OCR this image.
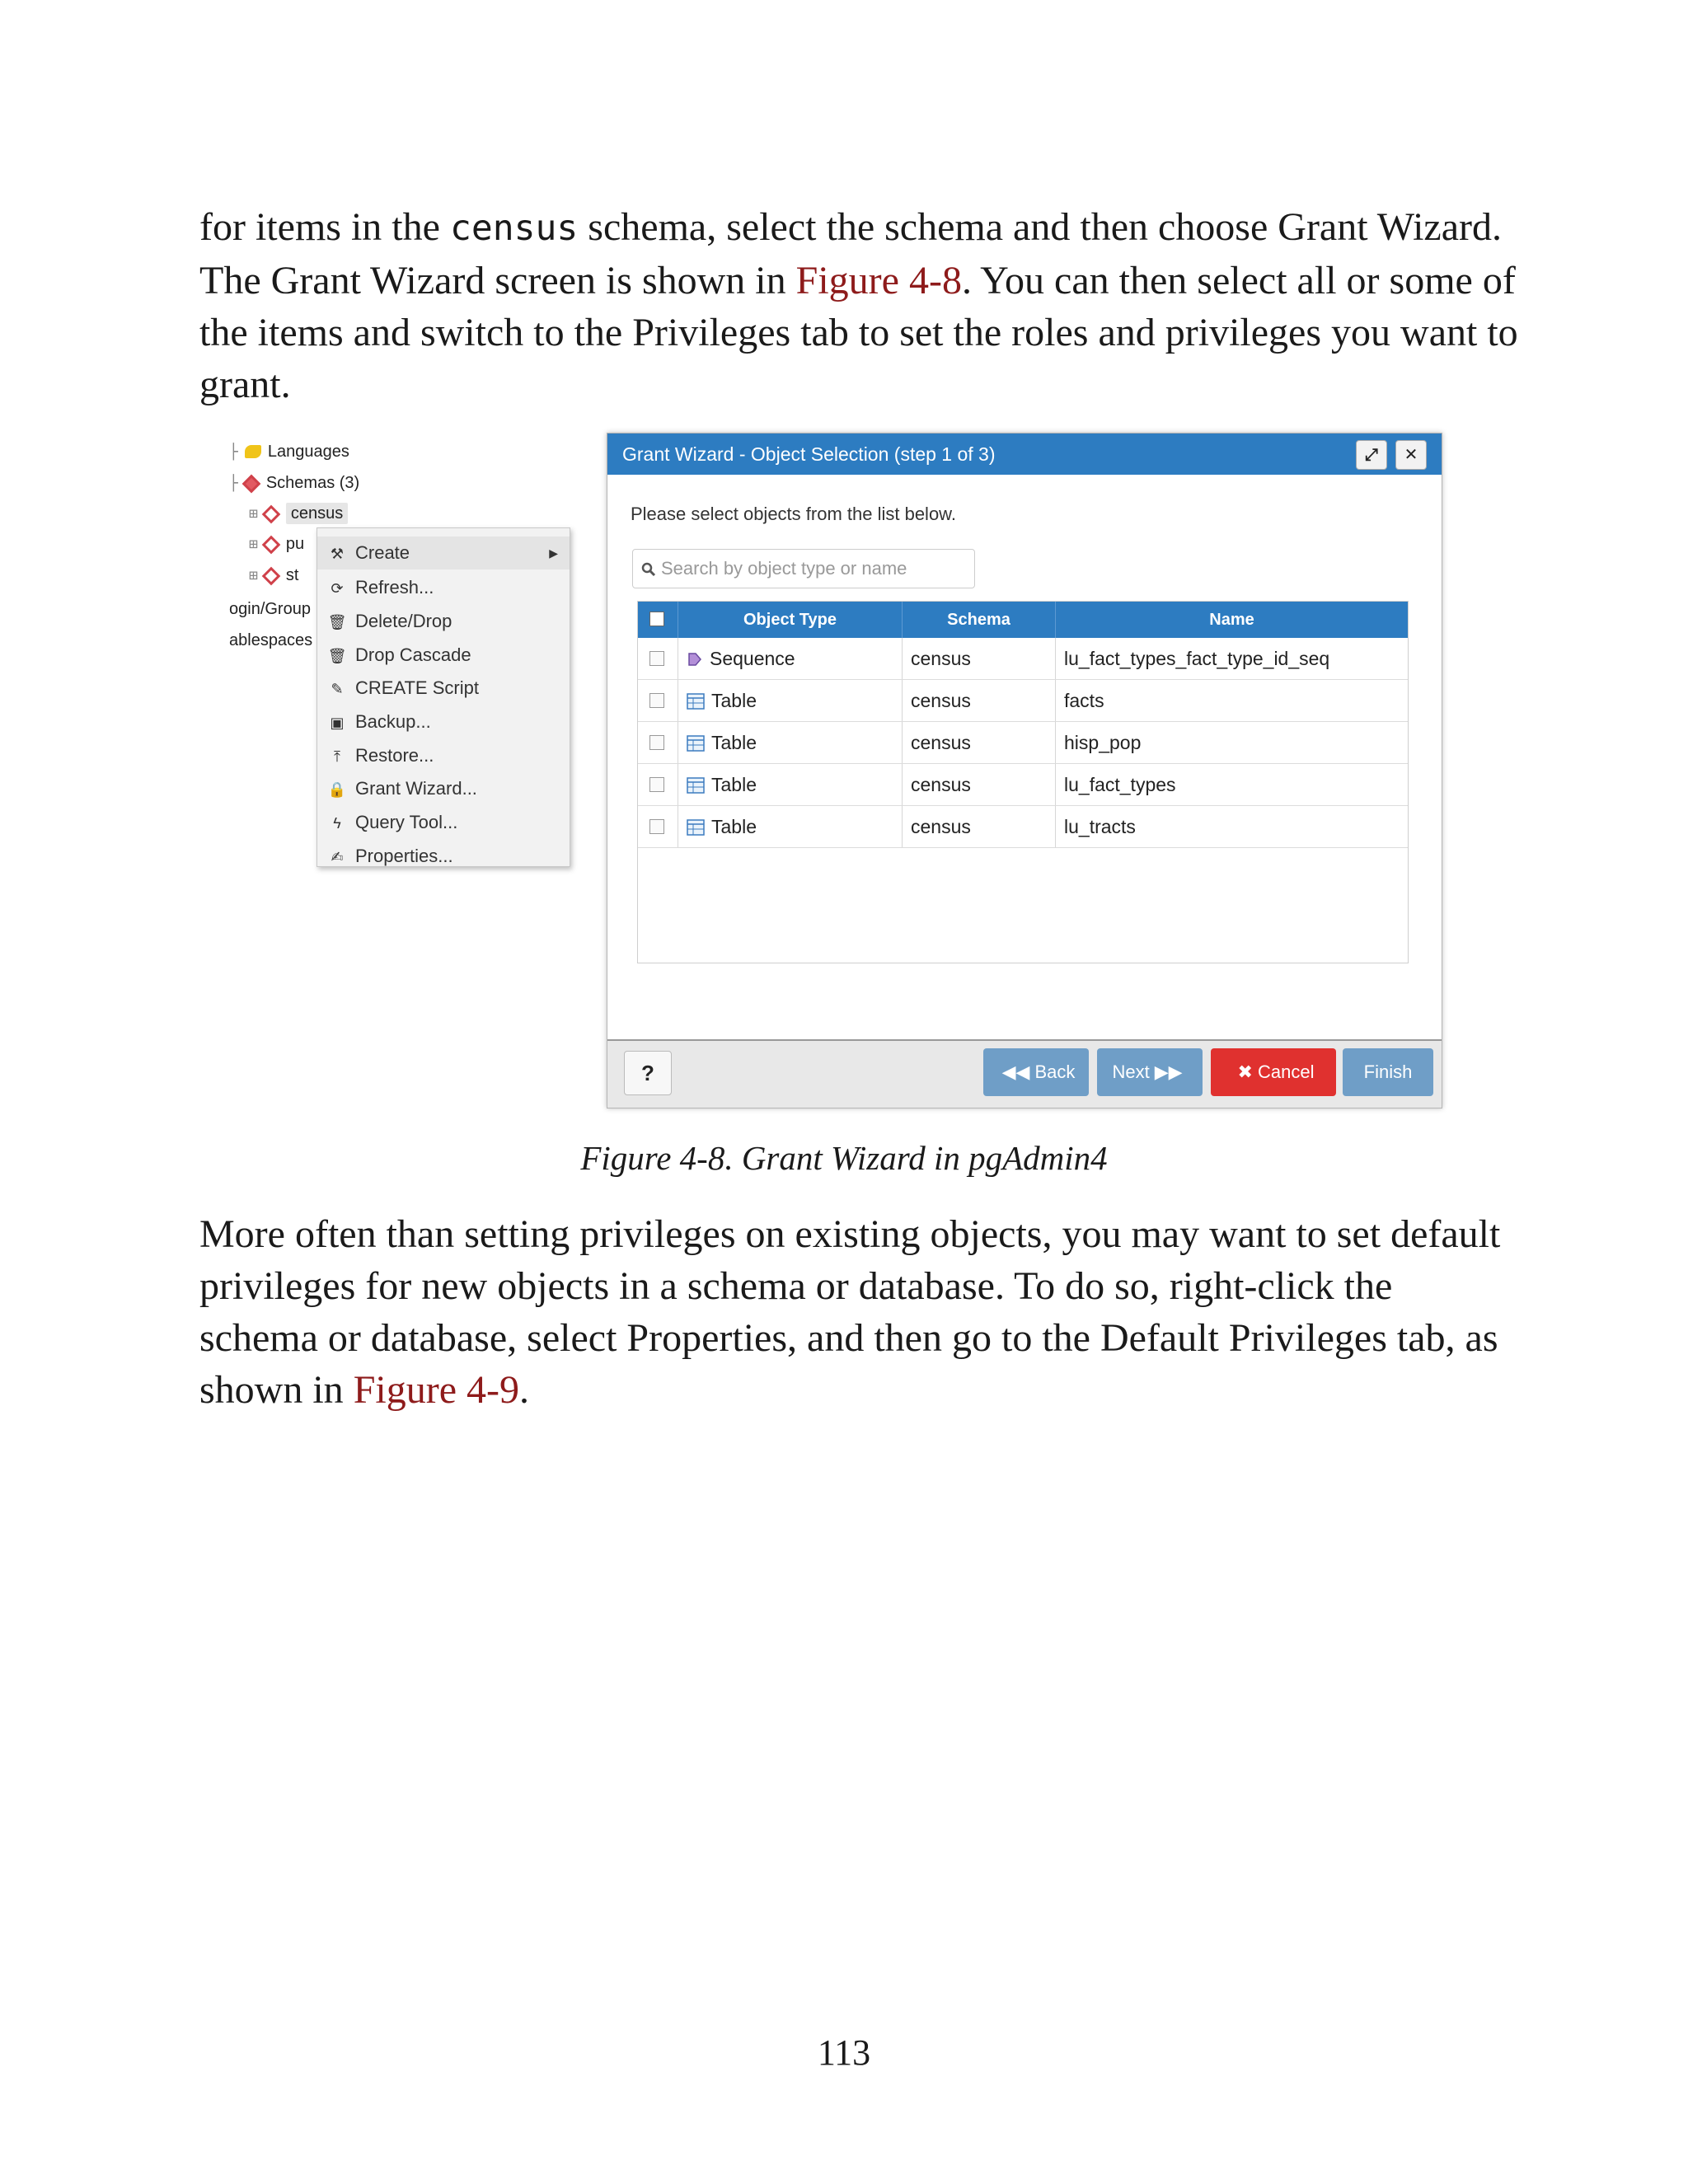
for items in the census schema, select the schema and then choose Grant Wizard. The Grant Wizard screen is shown in Figure 4-8. You can then select all or some of the items and switch to the Privileges tab to set the roles and privileges you want to grant.

├ Languages
├ Schemas (3)
⊞ census
⊞ pu
⊞ st
ogin/Group
ablespaces
⚒ Create	▶
⟳ Refresh...
🗑 Delete/Drop
🗑 Drop Cascade
✎ CREATE Script
▣ Backup...
⤒ Restore...
🔒 Grant Wizard...
ϟ Query Tool...
✍ Properties...
Grant Wizard - Object Selection (step 1 of 3)	⤢	✕
Please select objects from the list below.
Search by object type or name
Object Type	Schema	Name
Sequence	census	lu_fact_types_fact_type_id_seq
Table	census	facts
Table	census	hisp_pop
Table	census	lu_fact_types
Table	census	lu_tracts
?	◀◀ Back	Next ▶▶	✖ Cancel	Finish
Figure 4-8. Grant Wizard in pgAdmin4

More often than setting privileges on existing objects, you may want to set default privileges for new objects in a schema or database. To do so, right-click the schema or database, select Properties, and then go to the Default Privileges tab, as shown in Figure 4-9.

113
